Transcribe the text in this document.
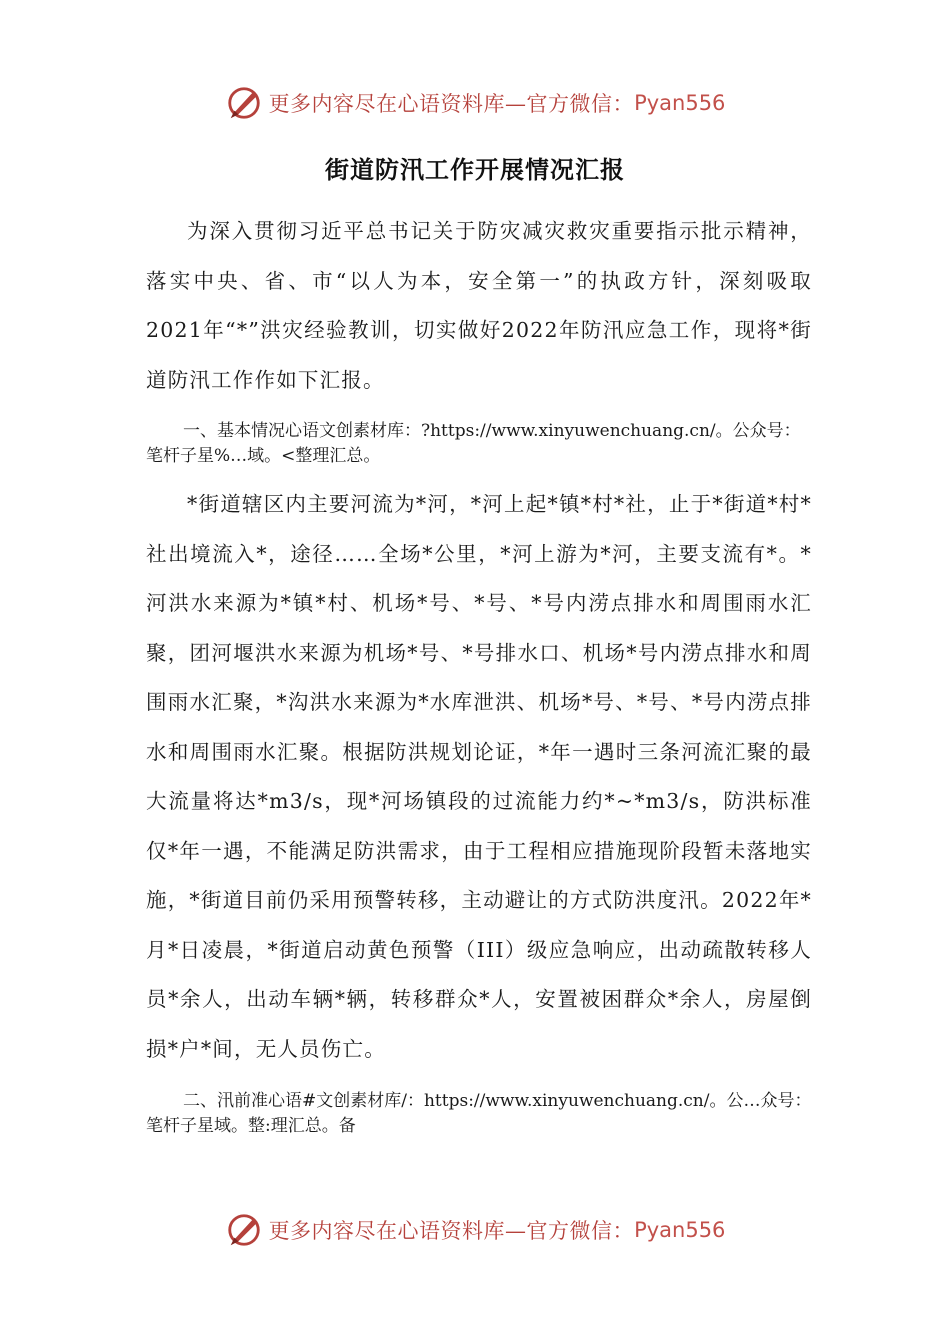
更多内容尽在心语资料库—官方微信： Pyan556
街道防汛工作开展情况汇报
为深入贯彻习近平总书记关于防灾减灾救灾重要指示批示精神，落实中央、省、市“以人为本，安全第一”的执政方针，深刻吸取2021年“*”洪灾经验教训，切实做好2022年防汛应急工作，现将*街道防汛工作作如下汇报。
一、基本情况心语文创素材库：?https://www.xinyuwenchuang.cn/。公众号：笔杆子星%…域。<整理汇总。
*街道辖区内主要河流为*河，*河上起*镇*村*社，止于*街道*村*社出境流入*，途径……全场*公里，*河上游为*河，主要支流有*。*河洪水来源为*镇*村、机场*号、*号、*号内涝点排水和周围雨水汇聚，团河堰洪水来源为机场*号、*号排水口、机场*号内涝点排水和周围雨水汇聚，*沟洪水来源为*水库泄洪、机场*号、*号、*号内涝点排水和周围雨水汇聚。根据防洪规划论证，*年一遇时三条河流汇聚的最大流量将达*m3/s，现*河场镇段的过流能力约*~*m3/s，防洪标准仅*年一遇，不能满足防洪需求，由于工程相应措施现阶段暂未落地实施，*街道目前仍采用预警转移，主动避让的方式防洪度汛。2022年*月*日凌晨，*街道启动黄色预警（III）级应急响应，出动疏散转移人员*余人，出动车辆*辆，转移群众*人，安置被困群众*余人，房屋倒损*户*间，无人员伤亡。
二、汛前准心语#文创素材库/：https://www.xinyuwenchuang.cn/。公…众号：笔杆子星域。整:理汇总。备
更多内容尽在心语资料库—官方微信： Pyan556
